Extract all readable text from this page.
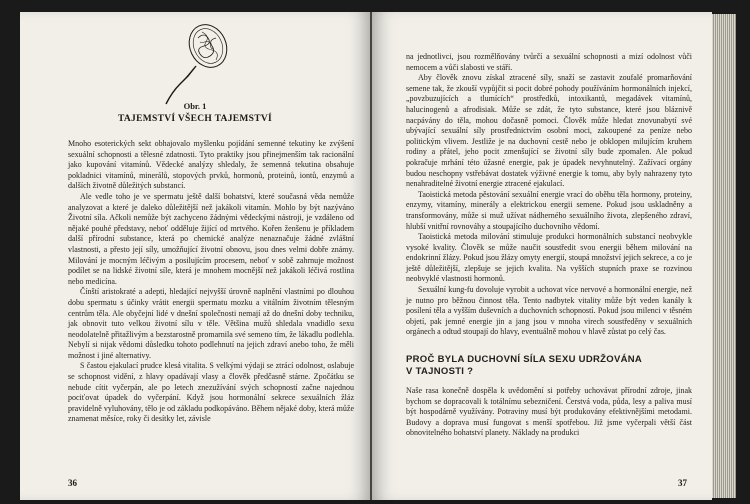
Obr. 1
TAJEMSTVÍ VŠECH TAJEMSTVÍ

Mnoho esoterických sekt obhajovalo myšlenku pojídání semenné tekutiny ke zvýšení sexuální schopnosti a tělesné zdatnosti. Tyto praktiky jsou přinejmenším tak racionální jako kupování vitamínů. Vědecké analýzy shledaly, že semenná tekutina obsahuje pokladnici vitamínů, minerálů, stopových prvků, hormonů, proteinů, iontů, enzymů a dalších životně důležitých substancí.

Ale vedle toho je ve spermatu ještě další bohatství, které současná věda nemůže analyzovat a které je daleko důležitější než jakákoli vitamín. Mohlo by být nazýváno Životní síla. Ačkoli nemůže být zachyceno žádnými vědeckými nástroji, je vzdáleno od nějaké pouhé představy, neboť odděluje žijící od mrtvého. Kořen ženšenu je příkladem další přírodní substance, která po chemické analýze nenaznačuje žádné zvláštní vlastnosti, a přesto její síly, umožňující životní obnovu, jsou dnes velmi dobře známy. Milování je mocným léčivým a posilujícím procesem, neboť v sobě zahrnuje možnost podílet se na lidské životní síle, která je mnohem mocnější než jakákoli léčivá rostlina nebo medicína.

Čínští aristokraté a adepti, hledající nejvyšší úrovně naplnění vlastními po dlouhou dobu spermatu s účinky vrátit energii spermatu mozku a vitálním životním tělesným centrům těla. Ale obyčejní lidé v dnešní společnosti nemají až do dnešní doby techniku, jak obnovit tuto velkou životní sílu v těle. Většina mužů shledala vnadidlo sexu neodolatelně přitažlivým a bezstarostně promarnila své semeno tím, že lákadlu podlehla. Nebylí si nijak vědomi důsledku tohoto podlehnutí na jejich zdraví anebo toho, že měli možnost i jiné alternativy.

S častou ejakulací prudce klesá vitalita. S velkými výdaji se ztrácí odolnost, oslabuje se schopnost vidění, z hlavy opadávají vlasy a člověk předčasně stárne. Zpočátku se nebude cítit vyčerpán, ale po letech znezužívání svých schopností začne najednou pociťovat úpadek do vyčerpání. Když jsou hormonální sekrece sexuálních žláz pravidelně vyluhovány, tělo je od základu podkopáváno. Během nějaké doby, která může znamenat měsíce, roky či desítky let, závisle

36

na jednotlivci, jsou rozmělňovány tvůrčí a sexuální schopnosti a mizí odolnost vůči nemocem a vůči slabosti ve stáří.

Aby člověk znovu získal ztracené síly, snaží se zastavit zoufalé promarňování semene tak, že zkouší vypůjčit si pocit dobré pohody používáním hormonálních injekcí, „povzbuzujících a tlumících“ prostředků, intoxikantů, megadávek vitamínů, halucinogenů a afrodisiak. Může se zdát, že tyto substance, které jsou bláznivě nacpávány do těla, mohou dočasně pomoci. Člověk může hledat znovunabytí své ubývající sexuální síly prostřednictvím osobní moci, zakoupené za peníze nebo politickým vlivem. Jestliže je na duchovní cestě nebo je obklopen milujícím kruhem rodiny a přátel, jeho pocit zmenšující se životní síly bude zpomalen. Ale pokud pokračuje mrhání této úžasné energie, pak je úpadek nevyhnutelný. Zažívací orgány budou neschopny vstřebávat dostatek výživné energie k tomu, aby byly nahrazeny tyto nenahraditelné životní energie ztracené ejakulací.

Taoistická metoda pěstování sexuální energie vrací do oběhu těla hormony, proteiny, enzymy, vitamíny, minerály a elektrickou energii semene. Pokud jsou uskladněny a transformovány, může si muž užívat nádherného sexuálního života, zlepšeného zdraví, hlubší vnitřní rovnováhy a stoupajícího duchovního vědomí.

Taoistická metoda milování stimuluje produkci hormonálních substancí neobvykle vysoké kvality. Člověk se může naučit soustředit svou energii během milování na endokrinní žlázy. Pokud jsou žlázy omyty energií, stoupá množství jejich sekrece, a co je ještě důležitější, zlepšuje se jejich kvalita. Na vyšších stupních praxe se rozvinou neobvyklé vlastnosti hormonů.

Sexuální kung-fu dovoluje vyrobit a uchovat více nervové a hormonální energie, než je nutno pro běžnou činnost těla. Tento nadbytek vitality může být veden kanály k posílení těla a vyšším duševních a duchovních schopností. Pokud jsou milenci v těsném objetí, pak jemné energie jin a jang jsou v mnoha virech soustředěny v sexuálních orgánech a odtud stoupají do hlavy, eventuálně mohou v hlavě zůstat po celý čas.

PROČ BYLA DUCHOVNÍ SÍLA SEXU UDRŽOVÁNA
V TAJNOSTI ?

Naše rasa konečně dospěla k uvědomění si potřeby uchovávat přírodní zdroje, jinak bychom se dopracovali k totálnímu sebezničení. Čerstvá voda, půda, lesy a paliva musí být hospodárně využívány. Potraviny musí být produkovány efektivnějšími metodami. Budovy a doprava musí fungovat s menší spotřebou. Již jsme vyčerpali větší část obnovitelného bohatství planety. Náklady na produkci

37
